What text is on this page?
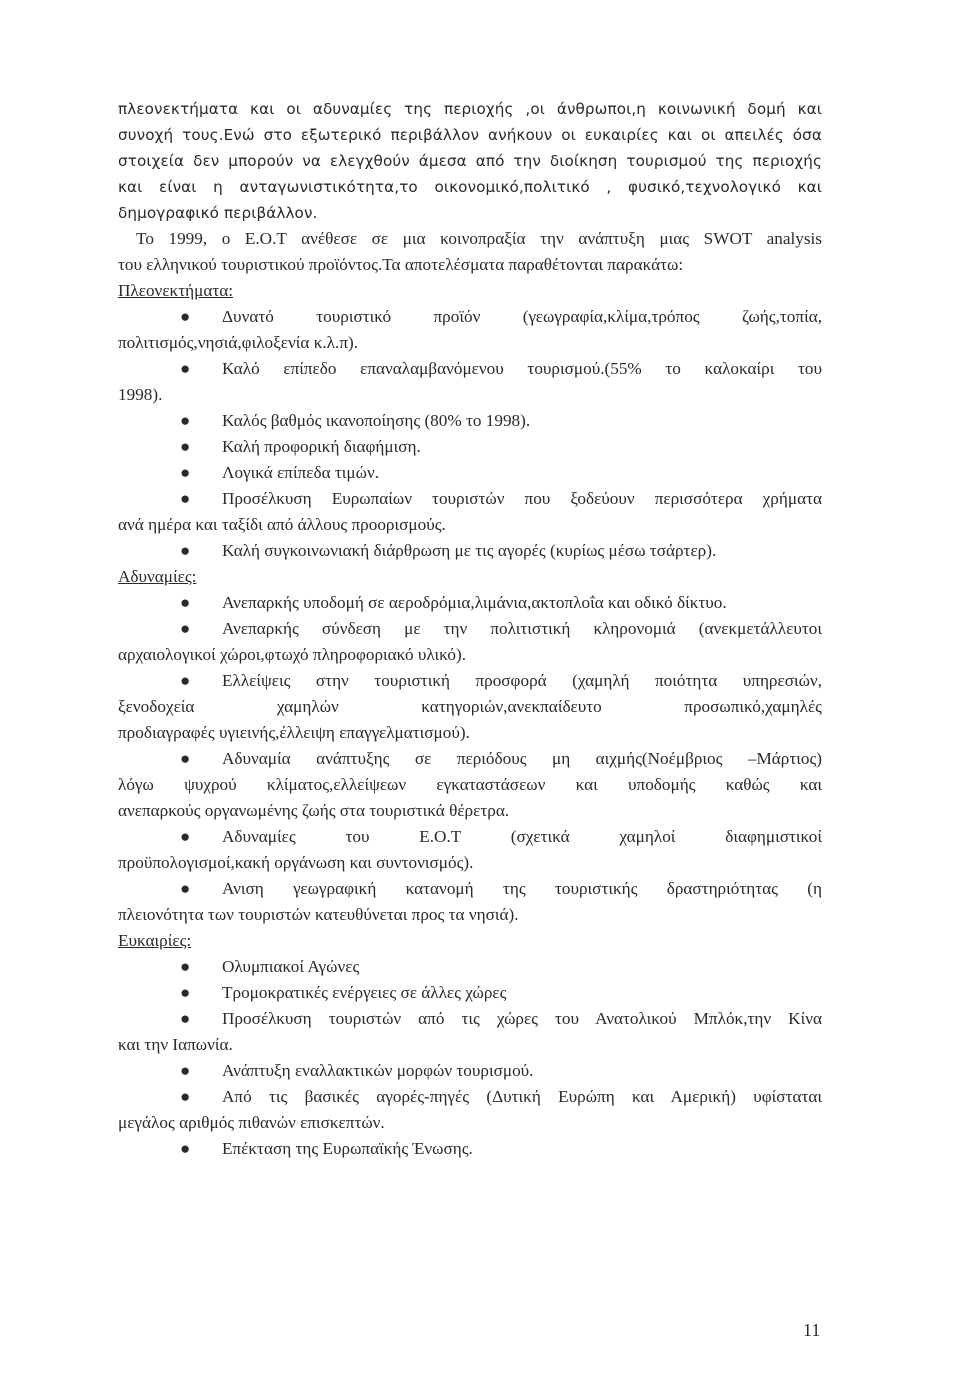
πλεονεκτήματα και οι αδυναμίες της περιοχής ,οι άνθρωποι,η κοινωνική δομή και
συνοχή τους.Ενώ στο εξωτερικό περιβάλλον ανήκουν οι ευκαιρίες και οι απειλές όσα
στοιχεία δεν μπορούν να ελεγχθούν άμεσα από την διοίκηση τουρισμού της περιοχής
και είναι η ανταγωνιστικότητα,το οικονομικό,πολιτικό , φυσικό,τεχνολογικό και
δημογραφικό περιβάλλον.
Το 1999, ο Ε.Ο.Τ ανέθεσε σε μια κοινοπραξία την ανάπτυξη μιας SWOT analysis
του ελληνικού τουριστικού προϊόντος.Τα αποτελέσματα παραθέτονται παρακάτω:
Πλεονεκτήματα:
● Δυνατό τουριστικό προϊόν (γεωγραφία,κλίμα,τρόπος ζωής,τοπία,
πολιτισμός,νησιά,φιλοξενία κ.λ.π).
● Καλό επίπεδο επαναλαμβανόμενου τουρισμού.(55% το καλοκαίρι του
1998).
● Καλός βαθμός ικανοποίησης (80% το 1998).
● Καλή προφορική διαφήμιση.
● Λογικά επίπεδα τιμών.
● Προσέλκυση Ευρωπαίων τουριστών που ξοδεύουν περισσότερα χρήματα
ανά ημέρα και ταξίδι από άλλους προορισμούς.
● Καλή συγκοινωνιακή διάρθρωση με τις αγορές (κυρίως μέσω τσάρτερ).
Αδυναμίες:
● Ανεπαρκής υποδομή σε αεροδρόμια,λιμάνια,ακτοπλοΐα και οδικό δίκτυο.
● Ανεπαρκής σύνδεση με την πολιτιστική κληρονομιά (ανεκμετάλλευτοι
αρχαιολογικοί χώροι,φτωχό πληροφοριακό υλικό).
● Ελλείψεις στην τουριστική προσφορά (χαμηλή ποιότητα υπηρεσιών,
ξενοδοχεία χαμηλών κατηγοριών,ανεκπαίδευτο προσωπικό,χαμηλές
προδιαγραφές υγιεινής,έλλειψη επαγγελματισμού).
● Αδυναμία ανάπτυξης σε περιόδους μη αιχμής(Νοέμβριος –Μάρτιος)
λόγω ψυχρού κλίματος,ελλείψεων εγκαταστάσεων και υποδομής καθώς και
ανεπαρκούς οργανωμένης ζωής στα τουριστικά θέρετρα.
● Αδυναμίες του Ε.Ο.Τ (σχετικά χαμηλοί διαφημιστικοί
προϋπολογισμοί,κακή οργάνωση και συντονισμός).
● Ανιση γεωγραφική κατανομή της τουριστικής δραστηριότητας (η
πλειονότητα των τουριστών κατευθύνεται προς τα νησιά).
Ευκαιρίες:
● Ολυμπιακοί Αγώνες
● Τρομοκρατικές ενέργειες σε άλλες χώρες
● Προσέλκυση τουριστών από τις χώρες του Ανατολικού Μπλόκ,την Κίνα
και την Ιαπωνία.
● Ανάπτυξη εναλλακτικών μορφών τουρισμού.
● Από τις βασικές αγορές-πηγές (Δυτική Ευρώπη και Αμερική) υφίσταται
μεγάλος αριθμός πιθανών επισκεπτών.
● Επέκταση της Ευρωπαϊκής Ένωσης.
11
